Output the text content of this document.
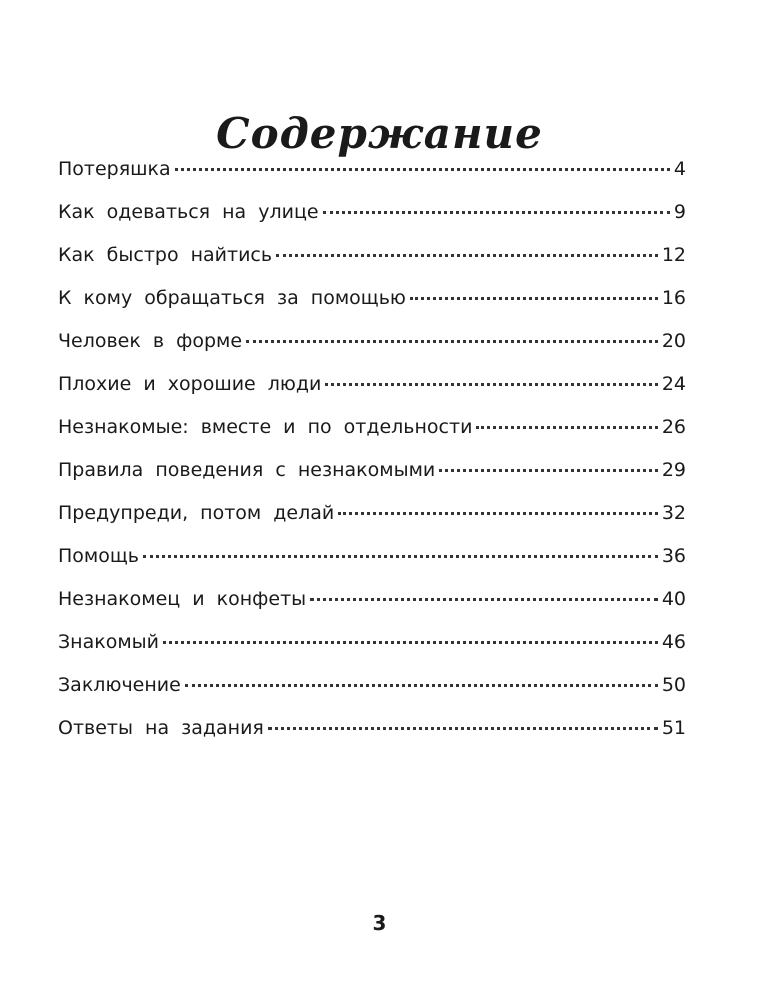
Содержание
Потеряшка	4
Как одеваться на улице	9
Как быстро найтись	12
К кому обращаться за помощью	16
Человек в форме	20
Плохие и хорошие люди	24
Незнакомые: вместе и по отдельности	26
Правила поведения с незнакомыми	29
Предупреди, потом делай	32
Помощь	36
Незнакомец и конфеты	40
Знакомый	46
Заключение	50
Ответы на задания	51
3
